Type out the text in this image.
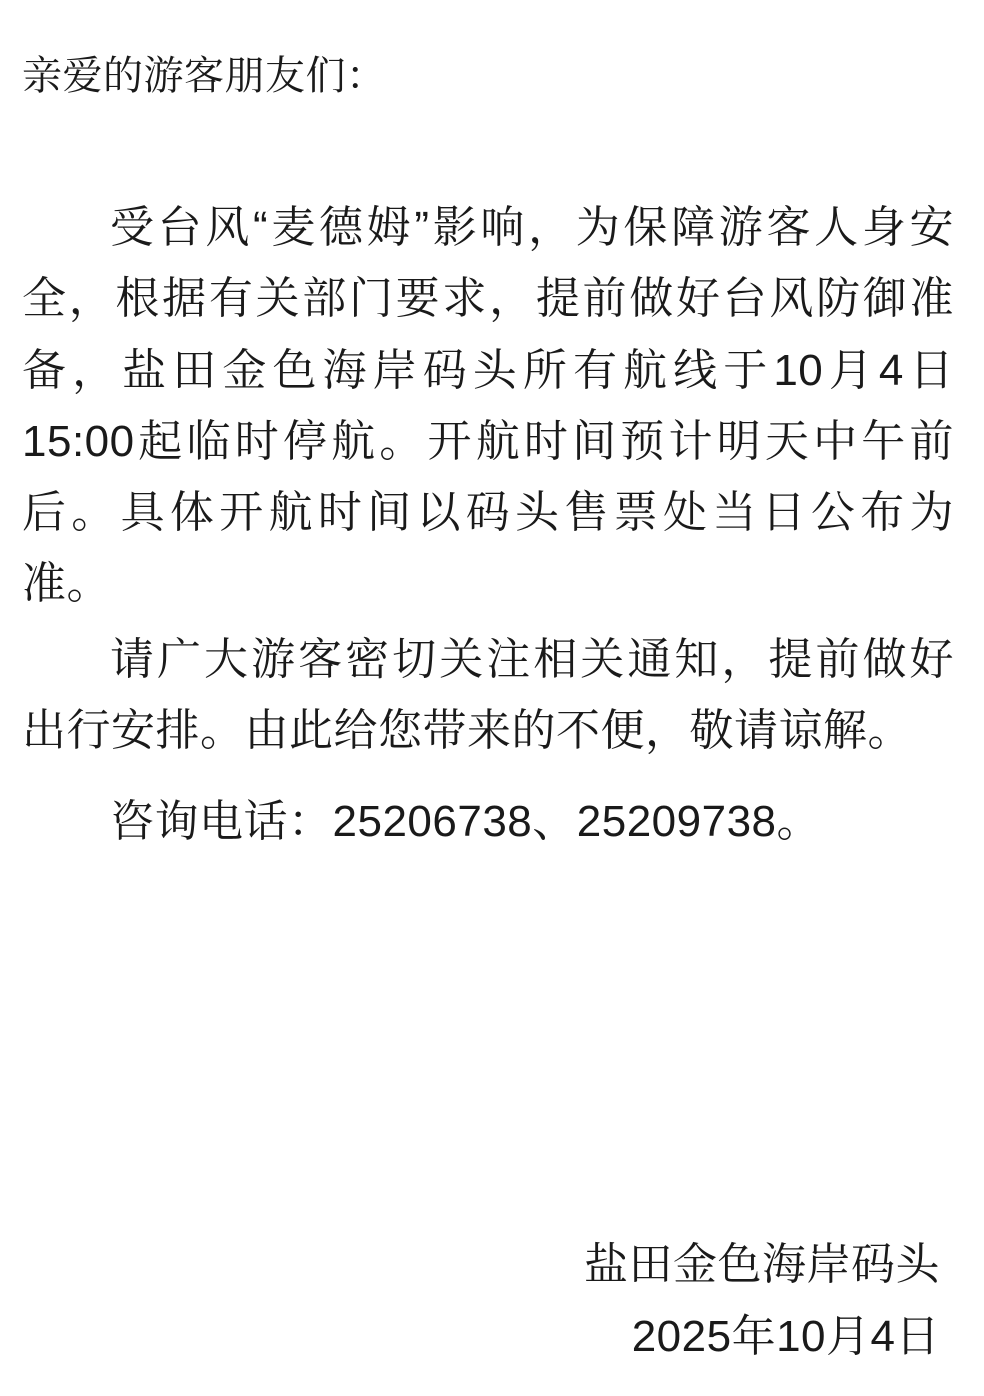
亲爱的游客朋友们：

受台风“麦德姆”影响，为保障游客人身安全，根据有关部门要求，提前做好台风防御准备，盐田金色海岸码头所有航线于10月4日15:00起临时停航。开航时间预计明天中午前后。具体开航时间以码头售票处当日公布为准。

请广大游客密切关注相关通知，提前做好出行安排。由此给您带来的不便，敬请谅解。

咨询电话：25206738、25209738。

盐田金色海岸码头
2025年10月4日
